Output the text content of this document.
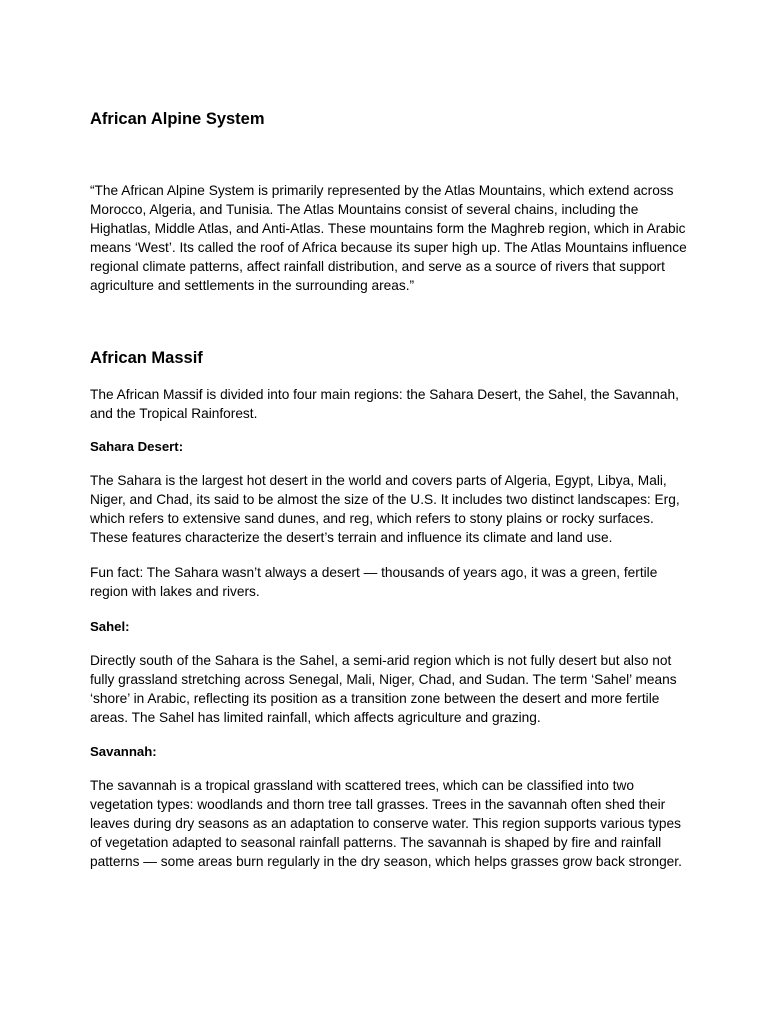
African Alpine System

“The African Alpine System is primarily represented by the Atlas Mountains, which extend across Morocco, Algeria, and Tunisia. The Atlas Mountains consist of several chains, including the Highatlas, Middle Atlas, and Anti-Atlas. These mountains form the Maghreb region, which in Arabic means ‘West’. Its called the roof of Africa because its super high up. The Atlas Mountains influence regional climate patterns, affect rainfall distribution, and serve as a source of rivers that support agriculture and settlements in the surrounding areas.”

African Massif

The African Massif is divided into four main regions: the Sahara Desert, the Sahel, the Savannah, and the Tropical Rainforest.

Sahara Desert:

The Sahara is the largest hot desert in the world and covers parts of Algeria, Egypt, Libya, Mali, Niger, and Chad, its said to be almost the size of the U.S. It includes two distinct landscapes: Erg, which refers to extensive sand dunes, and reg, which refers to stony plains or rocky surfaces. These features characterize the desert’s terrain and influence its climate and land use.

Fun fact: The Sahara wasn’t always a desert — thousands of years ago, it was a green, fertile region with lakes and rivers.

Sahel:

Directly south of the Sahara is the Sahel, a semi-arid region which is not fully desert but also not fully grassland stretching across Senegal, Mali, Niger, Chad, and Sudan. The term ‘Sahel’ means ‘shore’ in Arabic, reflecting its position as a transition zone between the desert and more fertile areas. The Sahel has limited rainfall, which affects agriculture and grazing.

Savannah:

The savannah is a tropical grassland with scattered trees, which can be classified into two vegetation types: woodlands and thorn tree tall grasses. Trees in the savannah often shed their leaves during dry seasons as an adaptation to conserve water. This region supports various types of vegetation adapted to seasonal rainfall patterns. The savannah is shaped by fire and rainfall patterns — some areas burn regularly in the dry season, which helps grasses grow back stronger.
